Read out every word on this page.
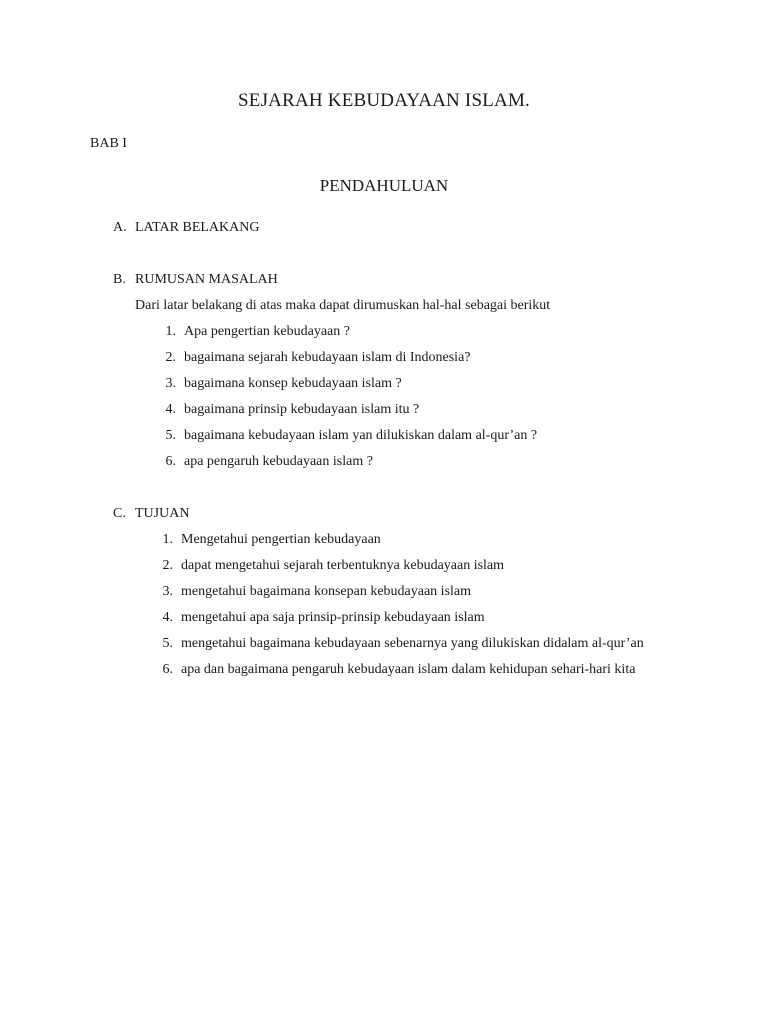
SEJARAH KEBUDAYAAN ISLAM.
BAB I
PENDAHULUAN
A. LATAR BELAKANG
B. RUMUSAN MASALAH
Dari latar belakang di atas maka dapat dirumuskan hal-hal sebagai berikut
1. Apa pengertian kebudayaan ?
2. bagaimana sejarah kebudayaan islam di Indonesia?
3. bagaimana konsep kebudayaan islam ?
4. bagaimana prinsip kebudayaan islam itu ?
5. bagaimana kebudayaan islam yan dilukiskan dalam al-qur’an ?
6. apa pengaruh kebudayaan islam ?
C. TUJUAN
1. Mengetahui pengertian kebudayaan
2. dapat mengetahui sejarah terbentuknya kebudayaan islam
3. mengetahui bagaimana konsepan kebudayaan islam
4. mengetahui apa saja prinsip-prinsip kebudayaan islam
5. mengetahui bagaimana kebudayaan sebenarnya yang dilukiskan didalam al-qur’an
6. apa dan bagaimana pengaruh kebudayaan islam dalam kehidupan sehari-hari kita
